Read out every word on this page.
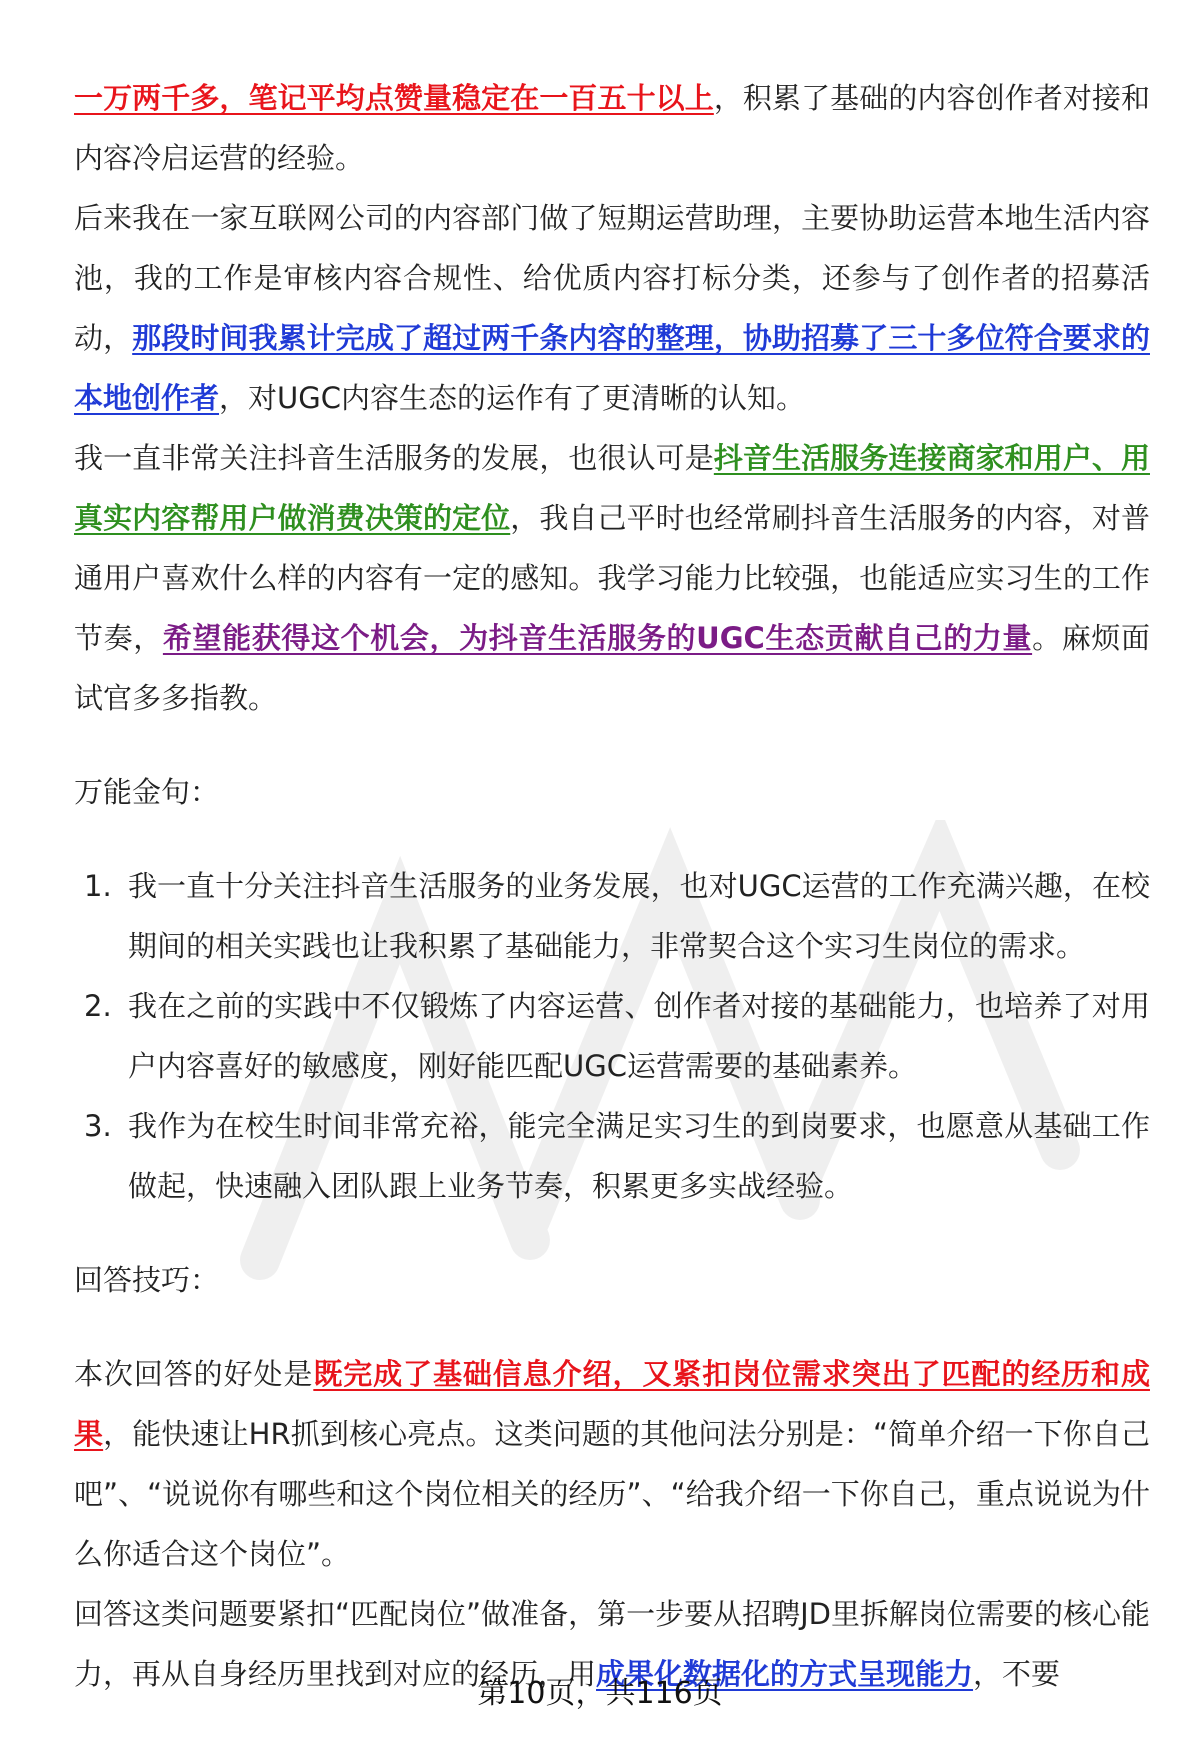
一万两千多，笔记平均点赞量稳定在一百五十以上，积累了基础的内容创作者对接和内容冷启运营的经验。

后来我在一家互联网公司的内容部门做了短期运营助理，主要协助运营本地生活内容池，我的工作是审核内容合规性、给优质内容打标分类，还参与了创作者的招募活动，那段时间我累计完成了超过两千条内容的整理，协助招募了三十多位符合要求的本地创作者，对UGC内容生态的运作有了更清晰的认知。

我一直非常关注抖音生活服务的发展，也很认可是抖音生活服务连接商家和用户、用真实内容帮用户做消费决策的定位，我自己平时也经常刷抖音生活服务的内容，对普通用户喜欢什么样的内容有一定的感知。我学习能力比较强，也能适应实习生的工作节奏，希望能获得这个机会，为抖音生活服务的UGC生态贡献自己的力量。麻烦面试官多多指教。

万能金句：

1. 我一直十分关注抖音生活服务的业务发展，也对UGC运营的工作充满兴趣，在校期间的相关实践也让我积累了基础能力，非常契合这个实习生岗位的需求。
2. 我在之前的实践中不仅锻炼了内容运营、创作者对接的基础能力，也培养了对用户内容喜好的敏感度，刚好能匹配UGC运营需要的基础素养。
3. 我作为在校生时间非常充裕，能完全满足实习生的到岗要求，也愿意从基础工作做起，快速融入团队跟上业务节奏，积累更多实战经验。

回答技巧：

本次回答的好处是既完成了基础信息介绍，又紧扣岗位需求突出了匹配的经历和成果，能快速让HR抓到核心亮点。这类问题的其他问法分别是：“简单介绍一下你自己吧”、“说说你有哪些和这个岗位相关的经历”、“给我介绍一下你自己，重点说说为什么你适合这个岗位”。

回答这类问题要紧扣“匹配岗位”做准备，第一步要从招聘JD里拆解岗位需要的核心能力，再从自身经历里找到对应的经历，用成果化数据化的方式呈现能力，不要

第10页，共116页
